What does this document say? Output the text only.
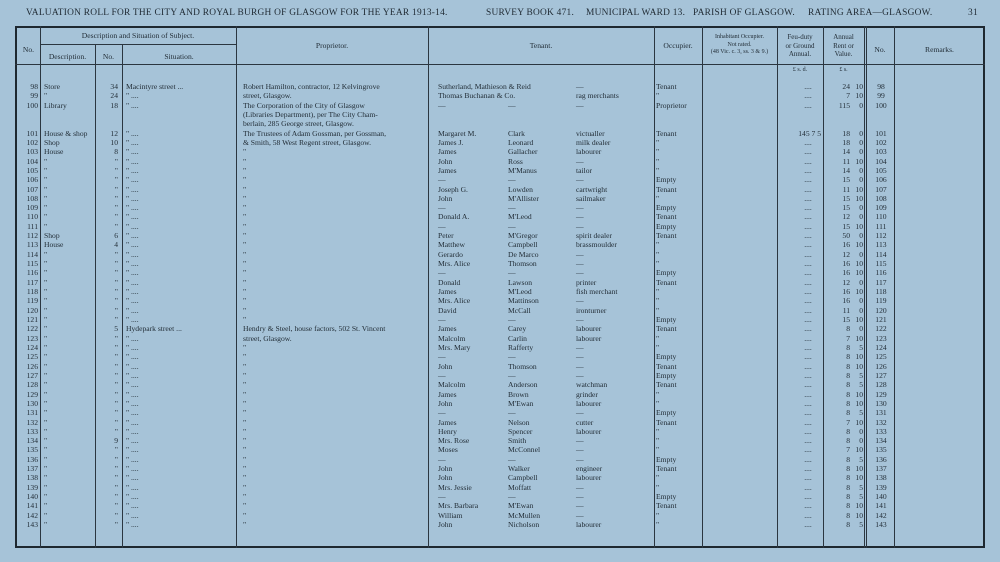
VALUATION ROLL FOR THE CITY AND ROYAL BURGH OF GLASGOW FOR THE YEAR 1913-14.	SURVEY BOOK 471. MUNICIPAL WARD 13. PARISH OF GLASGOW. RATING AREA—GLASGOW.	31
No.
Description and Situation of Subject.
Description.	No.	Situation.
Proprietor.	Tenant.	Occupier.
Inhabitant Occupier.
Not rated.
(48 Vic. c. 3, ss. 3 & 9.)
Feu-duty
or Ground
Annual.
Annual
Rent or
Value.	No.	Remarks.
£ s. d.	£ s.
98 Store	34 Macintyre street ...	Robert Hamilton, contractor, 12 Kelvingrove	Sutherland, Mathieson & Reid	—	Tenant	....	24 10	98
99 "	24 " ....	street, Glasgow.	Thomas Buchanan & Co.	rag merchants	"	....	7 10	99
100 Library	18 " ....	The Corporation of the City of Glasgow	—	—	—	Proprietor	....	115	0	100
(Libraries Department), per The City Cham-
berlain, 285 George street, Glasgow.
101 House & shop	12 " ....	The Trustees of Adam Gossman, per Gossman,	Margaret M.	Clark	victualler	Tenant	145 7 5	18	0	101
102 Shop	10 " ....	& Smith, 58 West Regent street, Glasgow.	James J.	Leonard	milk dealer	"	....	18	0	102
103 House	8 " ....	"	James	Gallacher	labourer	"	....	14	0	103
104 "	" " ....	"	John	Ross	—	"	....	11 10	104
105 "	" " ....	"	James	M'Manus	tailor	"	....	14	0	105
106 "	" " ....	"	—	—	—	Empty	....	15	0	106
107 "	" " ....	"	Joseph G.	Lowden	cartwright	Tenant	....	11 10	107
108 "	" " ....	"	John	M'Allister	sailmaker	"	....	15 10	108
109 "	" " ....	"	—	—	—	Empty	....	15	0	109
110 "	" " ....	"	Donald A.	M'Leod	—	Tenant	....	12	0	110
111 "	" " ....	"	—	—	—	Empty	....	15 10	111
112 Shop	6 " ....	"	Peter	M'Gregor	spirit dealer	Tenant	....	50	0	112
113 House	4 " ....	"	Matthew	Campbell	brassmoulder	"	....	16 10	113
114 "	" " ....	"	Gerardo	De Marco	—	"	....	12	0	114
115 "	" " ....	"	Mrs. Alice	Thomson	—	"	....	16 10	115
116 "	" " ....	"	—	—	—	Empty	....	16 10	116
117 "	" " ....	"	Donald	Lawson	printer	Tenant	....	12	0	117
118 "	" " ....	"	James	M'Leod	fish merchant	"	....	16 10	118
119 "	" " ....	"	Mrs. Alice	Mattinson	—	"	....	16	0	119
120 "	" " ....	"	David	McCall	ironturner	"	....	11	0	120
121 "	" " ....	"	—	—	—	Empty	....	15 10	121
122 "	5 Hydepark street ...	Hendry & Steel, house factors, 502 St. Vincent	James	Carey	labourer	Tenant	....	8	0	122
123 "	" " ....	street, Glasgow.	Malcolm	Carlin	labourer	"	....	7 10	123
124 "	" " ....	"	Mrs. Mary	Rafferty	—	"	....	8	5	124
125 "	" " ....	"	—	—	—	Empty	....	8 10	125
126 "	" " ....	"	John	Thomson	—	Tenant	....	8 10	126
127 "	" " ....	"	—	—	—	Empty	....	8	5	127
128 "	" " ....	"	Malcolm	Anderson	watchman	Tenant	....	8	5	128
129 "	" " ....	"	James	Brown	grinder	"	....	8 10	129
130 "	" " ....	"	John	M'Ewan	labourer	"	....	8 10	130
131 "	" " ....	"	—	—	—	Empty	....	8	5	131
132 "	" " ....	"	James	Nelson	cutter	Tenant	....	7 10	132
133 "	" " ....	"	Henry	Spencer	labourer	"	....	8	0	133
134 "	9 " ....	"	Mrs. Rose	Smith	—	"	....	8	0	134
135 "	" " ....	"	Moses	McConnel	—	"	....	7 10	135
136 "	" " ....	"	—	—	—	Empty	....	8	5	136
137 "	" " ....	"	John	Walker	engineer	Tenant	....	8 10	137
138 "	" " ....	"	John	Campbell	labourer	"	....	8 10	138
139 "	" " ....	"	Mrs. Jessie	Moffatt	—	"	....	8	5	139
140 "	" " ....	"	—	—	—	Empty	....	8	5	140
141 "	" " ....	"	Mrs. Barbara	M'Ewan	—	Tenant	....	8 10	141
142 "	" " ....	"	William	McMullen	—	"	....	8 10	142
143 "	" " ....	"	John	Nicholson	labourer	"	....	8	5	143
